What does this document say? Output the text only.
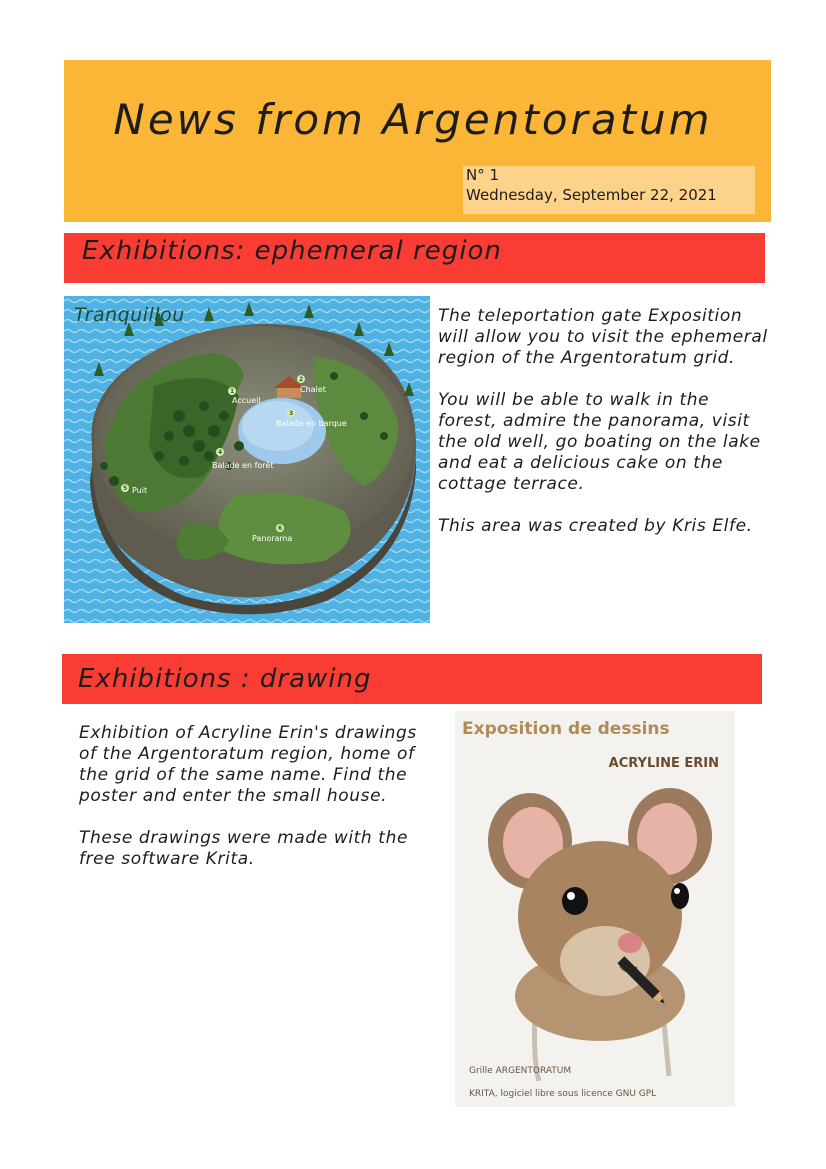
News from Argentoratum
N° 1
Wednesday, September 22, 2021
Exhibitions: ephemeral region
1
Accueil
2
Chalet
3
Balade en barque
4
Balade en forêt
5 Puit
6
Panorama
Tranquillou	The teleportation gate Exposition will allow you to visit the ephemeral region of the Argentoratum grid.

You will be able to walk in the forest, admire the panorama, visit the old well, go boating on the lake and eat a delicious cake on the cottage terrace.

This area was created by Kris Elfe.

Exhibitions : drawing

Exhibition of Acryline Erin's drawings of the Argentoratum region, home of the grid of the same name. Find the poster and enter the small house.

These drawings were made with the free software Krita.

Exposition de dessins
ACRYLINE ERIN
Grille ARGENTORATUM
KRITA, logiciel libre sous licence GNU GPL
